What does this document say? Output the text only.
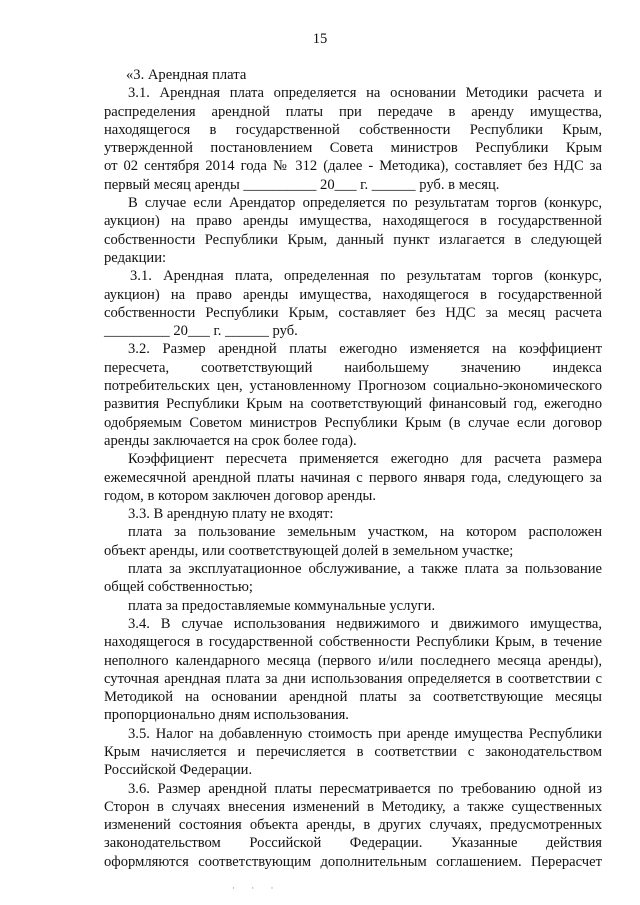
15
«3. Арендная плата
3.1. Арендная плата определяется на основании Методики расчета и
распределения арендной платы при передаче в аренду имущества,
находящегося в государственной собственности Республики Крым,
утвержденной постановлением Совета министров Республики Крым
от 02 сентября 2014 года № 312 (далее - Методика), составляет без НДС за
первый месяц аренды __________ 20___ г. ______ руб. в месяц.
В случае если Арендатор определяется по результатам торгов (конкурс,
аукцион) на право аренды имущества, находящегося в государственной
собственности Республики Крым, данный пункт излагается в следующей
редакции:
3.1. Арендная плата, определенная по результатам торгов (конкурс,
аукцион) на право аренды имущества, находящегося в государственной
собственности Республики Крым, составляет без НДС за месяц расчета
_________ 20___ г. ______ руб.
3.2. Размер арендной платы ежегодно изменяется на коэффициент
пересчета, соответствующий наибольшему значению индекса
потребительских цен, установленному Прогнозом социально-экономического
развития Республики Крым на соответствующий финансовый год, ежегодно
одобряемым Советом министров Республики Крым (в случае если договор
аренды заключается на срок более года).
Коэффициент пересчета применяется ежегодно для расчета размера
ежемесячной арендной платы начиная с первого января года, следующего за
годом, в котором заключен договор аренды.
3.3. В арендную плату не входят:
плата за пользование земельным участком, на котором расположен
объект аренды, или соответствующей долей в земельном участке;
плата за эксплуатационное обслуживание, а также плата за пользование
общей собственностью;
плата за предоставляемые коммунальные услуги.
3.4. В случае использования недвижимого и движимого имущества,
находящегося в государственной собственности Республики Крым, в течение
неполного календарного месяца (первого и/или последнего месяца аренды),
суточная арендная плата за дни использования определяется в соответствии с
Методикой на основании арендной платы за соответствующие месяцы
пропорционально дням использования.
3.5. Налог на добавленную стоимость при аренде имущества Республики
Крым начисляется и перечисляется в соответствии с законодательством
Российской Федерации.
3.6. Размер арендной платы пересматривается по требованию одной из
Сторон в случаях внесения изменений в Методику, а также существенных
изменений состояния объекта аренды, в других случаях, предусмотренных
законодательством Российской Федерации. Указанные действия
оформляются соответствующим дополнительным соглашением. Перерасчет
· · ·
